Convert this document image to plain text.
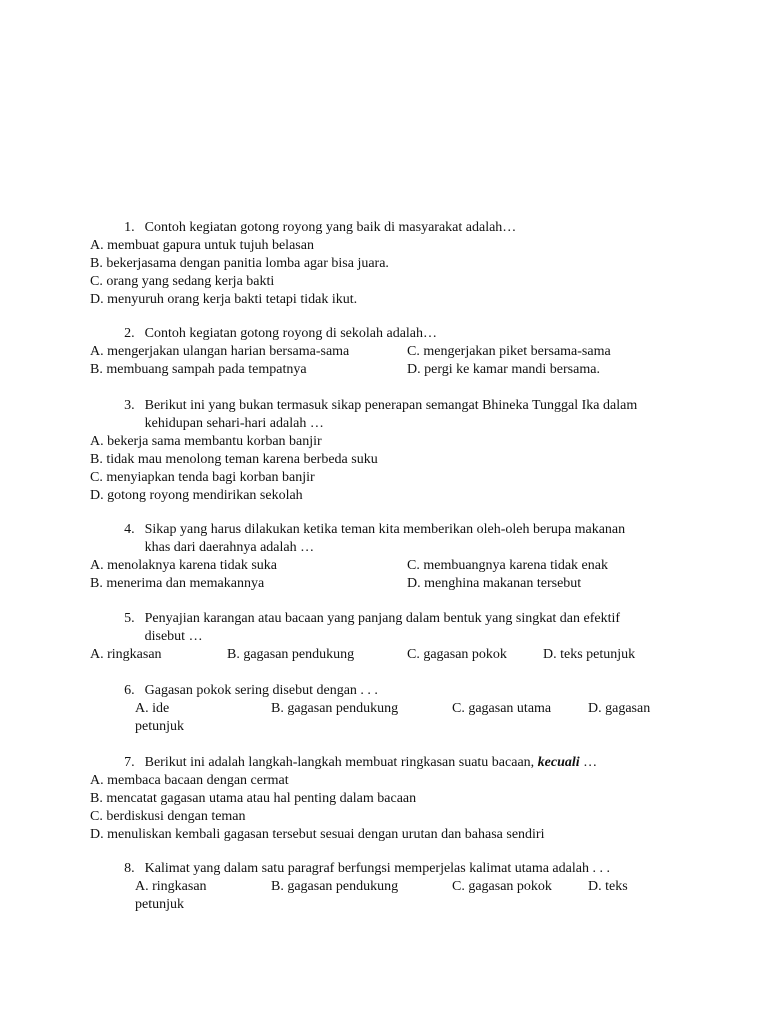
1. Contoh kegiatan gotong royong yang baik di masyarakat adalah…
A. membuat gapura untuk tujuh belasan
B. bekerjasama dengan panitia lomba agar bisa juara.
C. orang yang sedang kerja bakti
D. menyuruh orang kerja bakti tetapi tidak ikut.
2. Contoh kegiatan gotong royong di sekolah adalah…
A. mengerjakan ulangan harian bersama-sama	C. mengerjakan piket bersama-sama
B. membuang sampah pada tempatnya	D. pergi ke kamar mandi bersama.
3. Berikut ini yang bukan termasuk sikap penerapan semangat Bhineka Tunggal Ika dalam
kehidupan sehari-hari adalah …
A. bekerja sama membantu korban banjir
B. tidak mau menolong teman karena berbeda suku
C. menyiapkan tenda bagi korban banjir
D. gotong royong mendirikan sekolah
4. Sikap yang harus dilakukan ketika teman kita memberikan oleh-oleh berupa makanan
khas dari daerahnya adalah …
A. menolaknya karena tidak suka	C. membuangnya karena tidak enak
B. menerima dan memakannya	D. menghina makanan tersebut
5. Penyajian karangan atau bacaan yang panjang dalam bentuk yang singkat dan efektif
disebut …
A. ringkasan	B. gagasan pendukung	C. gagasan pokok	D. teks petunjuk
6. Gagasan pokok sering disebut dengan . . .
A. ide	B. gagasan pendukung	C. gagasan utama	D. gagasan
petunjuk
7. Berikut ini adalah langkah-langkah membuat ringkasan suatu bacaan, kecuali …
A. membaca bacaan dengan cermat
B. mencatat gagasan utama atau hal penting dalam bacaan
C. berdiskusi dengan teman
D. menuliskan kembali gagasan tersebut sesuai dengan urutan dan bahasa sendiri
8. Kalimat yang dalam satu paragraf berfungsi memperjelas kalimat utama adalah . . .
A. ringkasan	B. gagasan pendukung	C. gagasan pokok	D. teks
petunjuk
